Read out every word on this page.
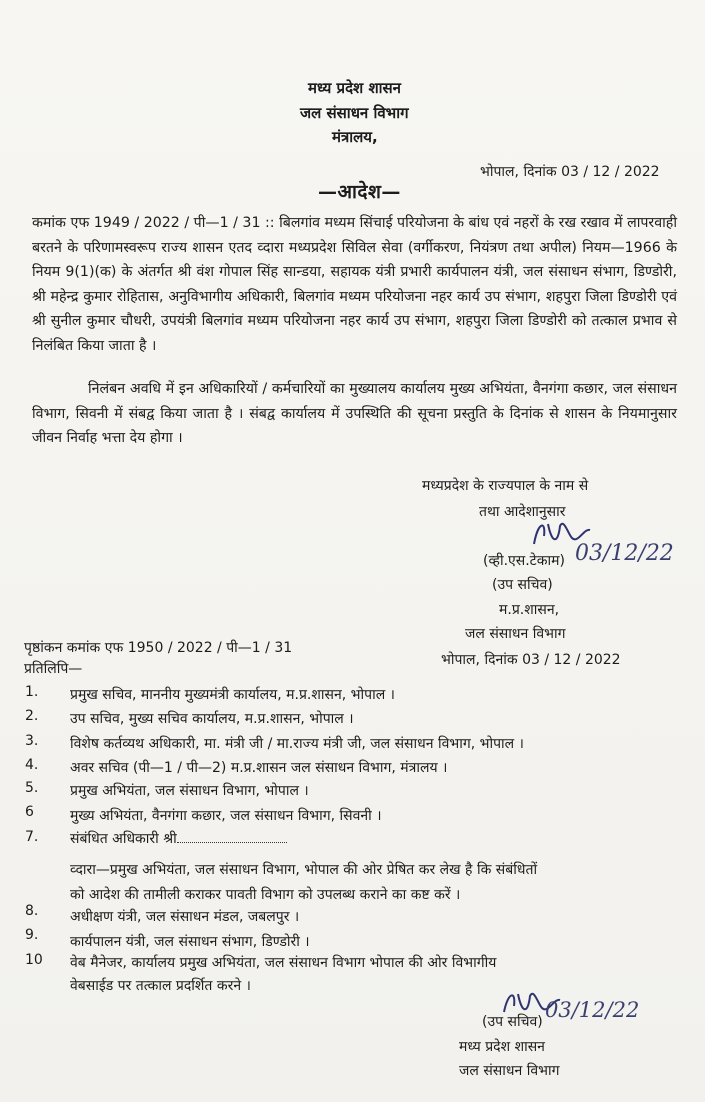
मध्य प्रदेश शासन
जल संसाधन विभाग
मंत्रालय,
भोपाल, दिनांक 03 / 12 / 2022
—आदेश—
कमांक एफ 1949 / 2022 / पी—1 / 31 :: बिलगांव मध्यम सिंचाई परियोजना के बांध एवं नहरों के रख रखाव में लापरवाही बरतने के परिणामस्वरूप राज्य शासन एतद व्दारा मध्यप्रदेश सिविल सेवा (वर्गीकरण, नियंत्रण तथा अपील) नियम—1966 के नियम 9(1)(क) के अंतर्गत श्री वंश गोपाल सिंह सान्डया, सहायक यंत्री प्रभारी कार्यपालन यंत्री, जल संसाधन संभाग, डिण्डोरी, श्री महेन्द्र कुमार रोहितास, अनुविभागीय अधिकारी, बिलगांव मध्यम परियोजना नहर कार्य उप संभाग, शहपुरा जिला डिण्डोरी एवं श्री सुनील कुमार चौधरी, उपयंत्री बिलगांव मध्यम परियोजना नहर कार्य उप संभाग, शहपुरा जिला डिण्डोरी को तत्काल प्रभाव से निलंबित किया जाता है ।
निलंबन अवधि में इन अधिकारियों / कर्मचारियों का मुख्यालय कार्यालय मुख्य अभियंता, वैनगंगा कछार, जल संसाधन विभाग, सिवनी में संबद्व किया जाता है । संबद्व कार्यालय में उपस्थिति की सूचना प्रस्तुति के दिनांक से शासन के नियमानुसार जीवन निर्वाह भत्ता देय होगा ।
मध्यप्रदेश के राज्यपाल के नाम से
तथा आदेशानुसार
(व्ही.एस.टेकाम) 03/12/22
(उप सचिव)
म.प्र.शासन,
जल संसाधन विभाग
भोपाल, दिनांक 03 / 12 / 2022
पृष्ठांकन कमांक एफ 1950 / 2022 / पी—1 / 31
प्रतिलिपि—
1. प्रमुख सचिव, माननीय मुख्यमंत्री कार्यालय, म.प्र.शासन, भोपाल ।
2. उप सचिव, मुख्य सचिव कार्यालय, म.प्र.शासन, भोपाल ।
3. विशेष कर्तव्यथ अधिकारी, मा. मंत्री जी / मा.राज्य मंत्री जी, जल संसाधन विभाग, भोपाल ।
4. अवर सचिव (पी—1 / पी—2) म.प्र.शासन जल संसाधन विभाग, मंत्रालय ।
5. प्रमुख अभियंता, जल संसाधन विभाग, भोपाल ।
6	मुख्य अभियंता, वैनगंगा कछार, जल संसाधन विभाग, सिवनी ।
7. संबंधित अधिकारी श्री
व्दारा—प्रमुख अभियंता, जल संसाधन विभाग, भोपाल की ओर प्रेषित कर लेख है कि संबंधितों
को आदेश की तामीली कराकर पावती विभाग को उपलब्ध कराने का कष्ट करें ।
8. अधीक्षण यंत्री, जल संसाधन मंडल, जबलपुर ।
9. कार्यपालन यंत्री, जल संसाधन संभाग, डिण्डोरी ।
10 वेब मैनेजर, कार्यालय प्रमुख अभियंता, जल संसाधन विभाग भोपाल की ओर विभागीय
वेबसाईड पर तत्काल प्रदर्शित करने ।
03/12/22
(उप सचिव)
मध्य प्रदेश शासन
जल संसाधन विभाग
